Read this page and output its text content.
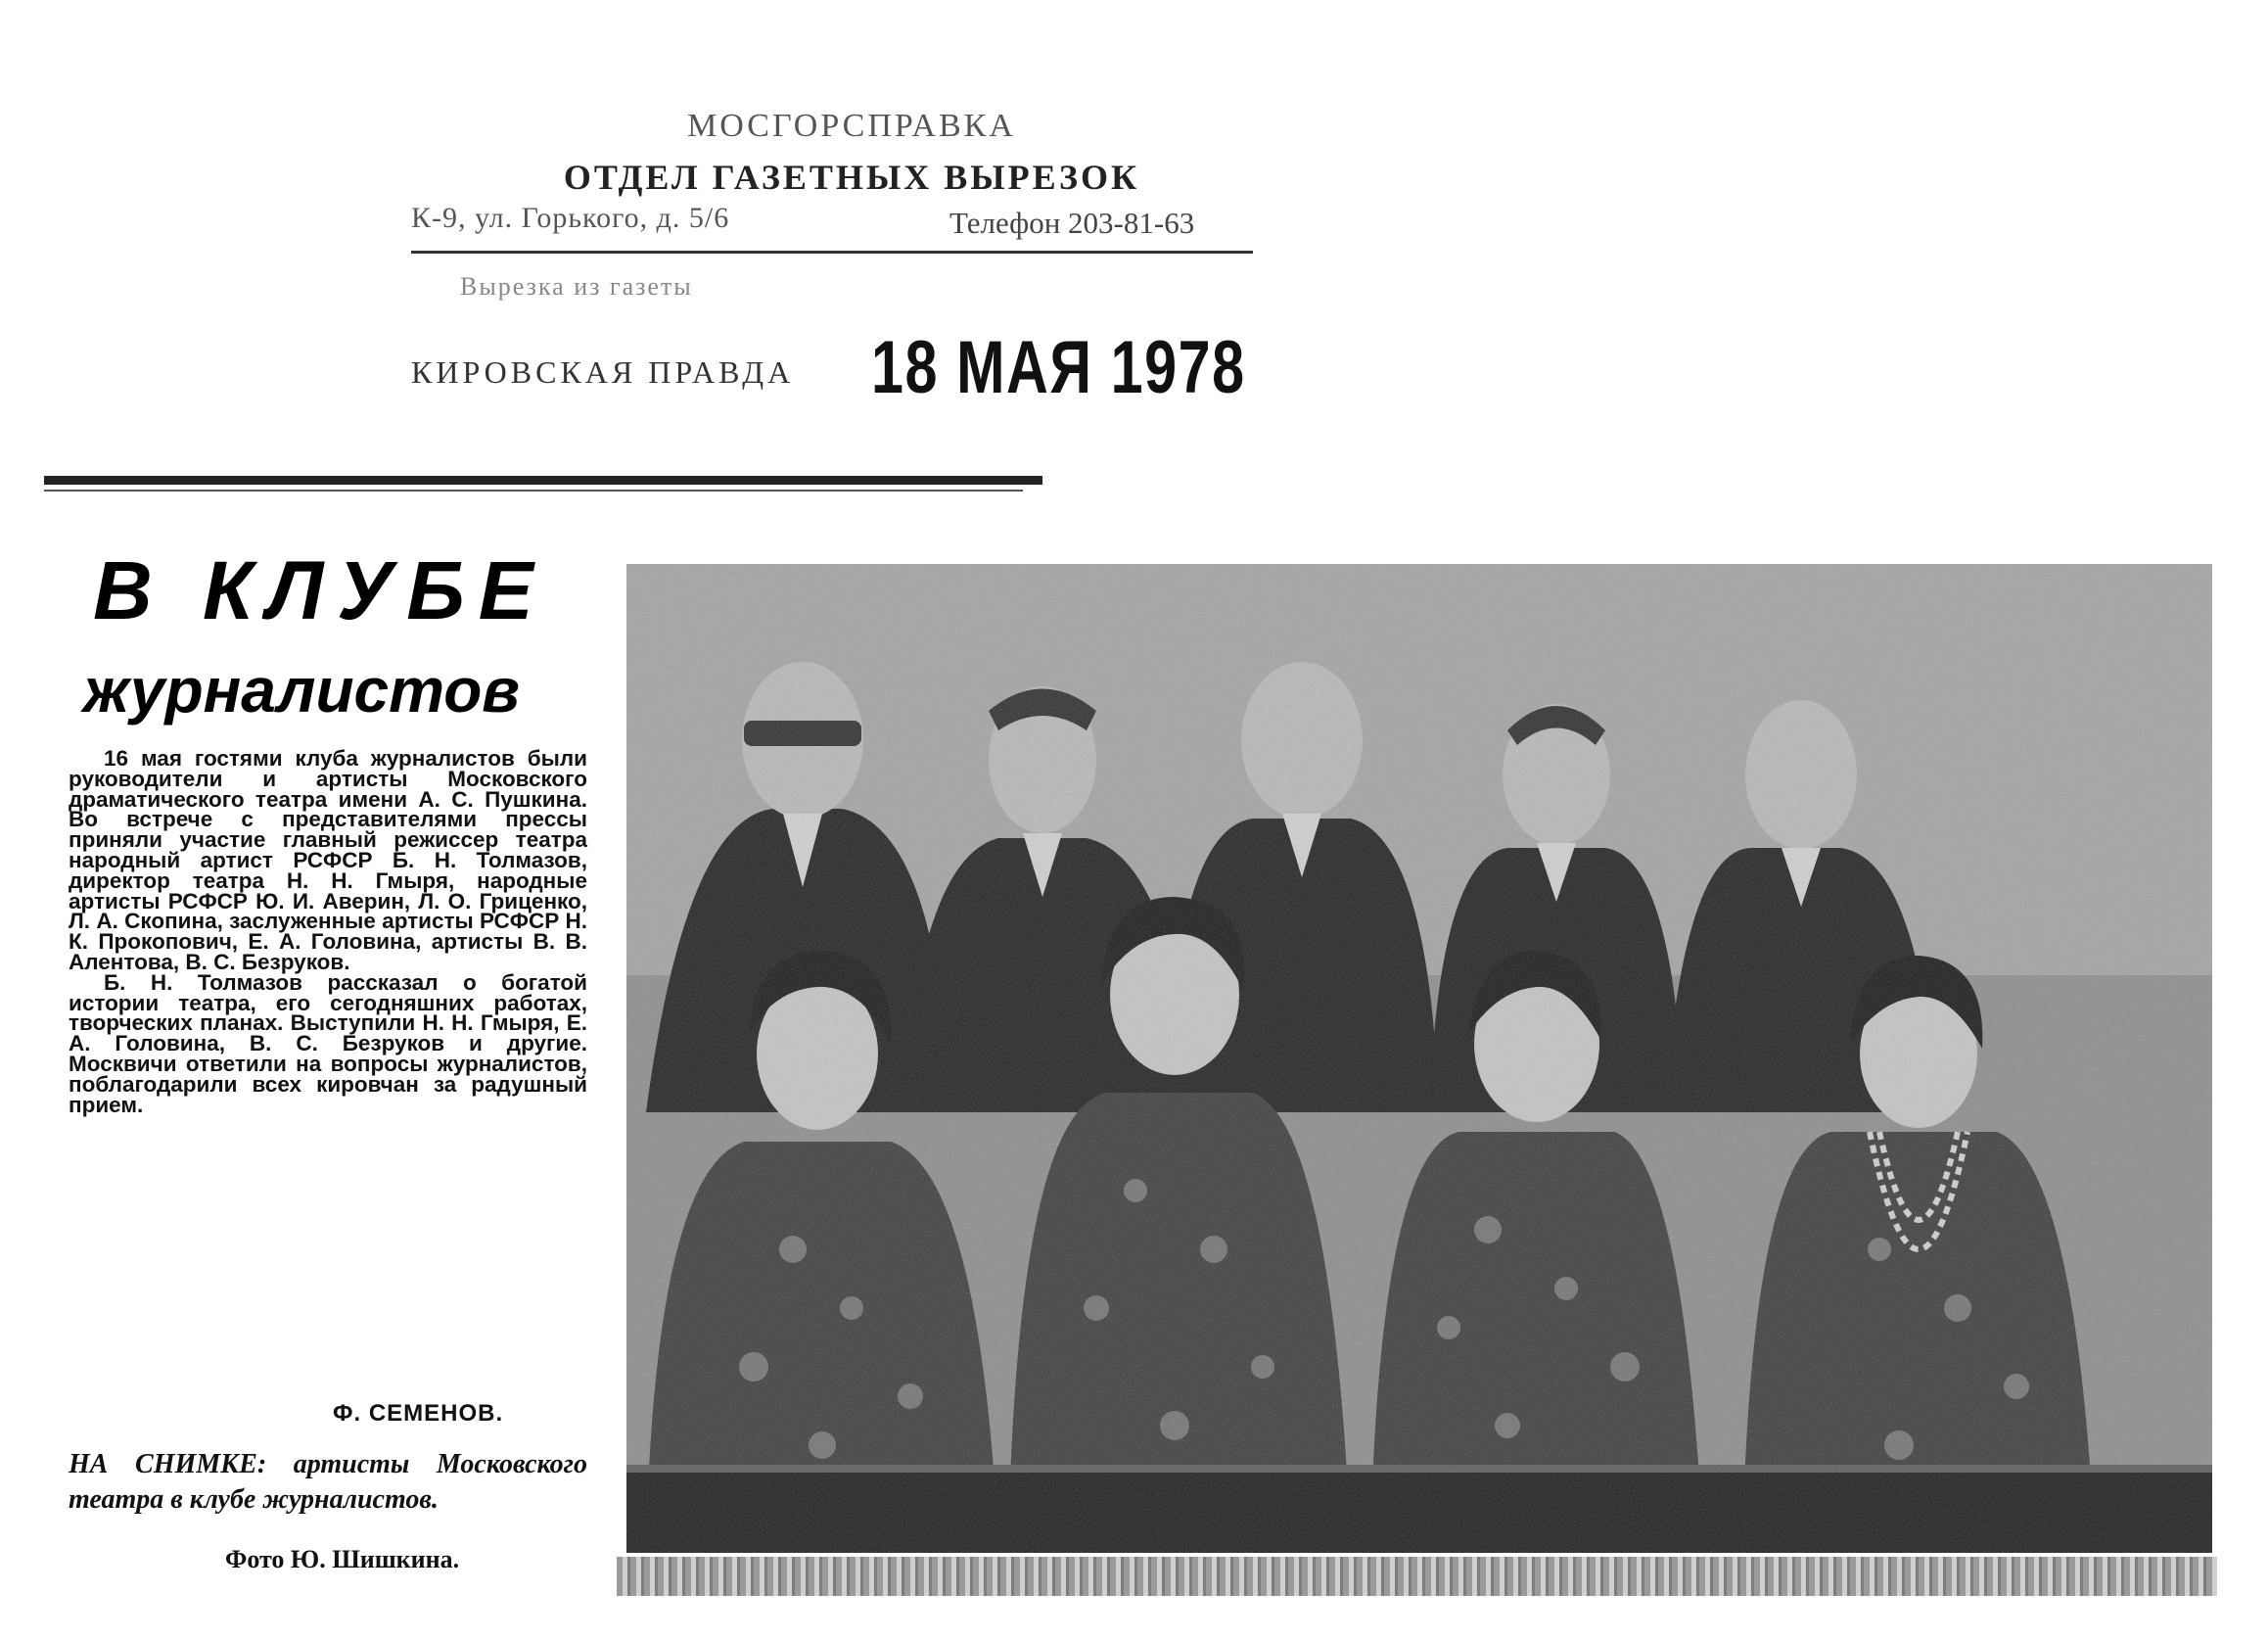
МОСГОРСПРАВКА
ОТДЕЛ ГАЗЕТНЫХ ВЫРЕЗОК
К-9, ул. Горького, д. 5/6	Телефон 203-81-63
Вырезка из газеты
КИРОВСКАЯ ПРАВДА 18 МАЯ 1978
В КЛУБЕ
журналистов

16 мая гостями клуба журналистов были руководители и артисты Московского драматического театра имени А. С. Пушкина. Во встрече с представителями прессы приняли участие главный режиссер театра народный артист РСФСР Б. Н. Толмазов, директор театра Н. Н. Гмыря, народные артисты РСФСР Ю. И. Аверин, Л. О. Гриценко, Л. А. Скопина, заслуженные артисты РСФСР Н. К. Прокопович, Е. А. Головина, артисты В. В. Алентова, В. С. Безруков.

Б. Н. Толмазов рассказал о богатой истории театра, его сегодняшних работах, творческих планах. Выступили Н. Н. Гмыря, Е. А. Головина, В. С. Безруков и другие. Москвичи ответили на вопросы журналистов, поблагодарили всех кировчан за радушный прием.

Ф. СЕМЕНОВ.
НА СНИМКЕ: артисты Московского театра в клубе журналистов.
Фото Ю. Шишкина.
